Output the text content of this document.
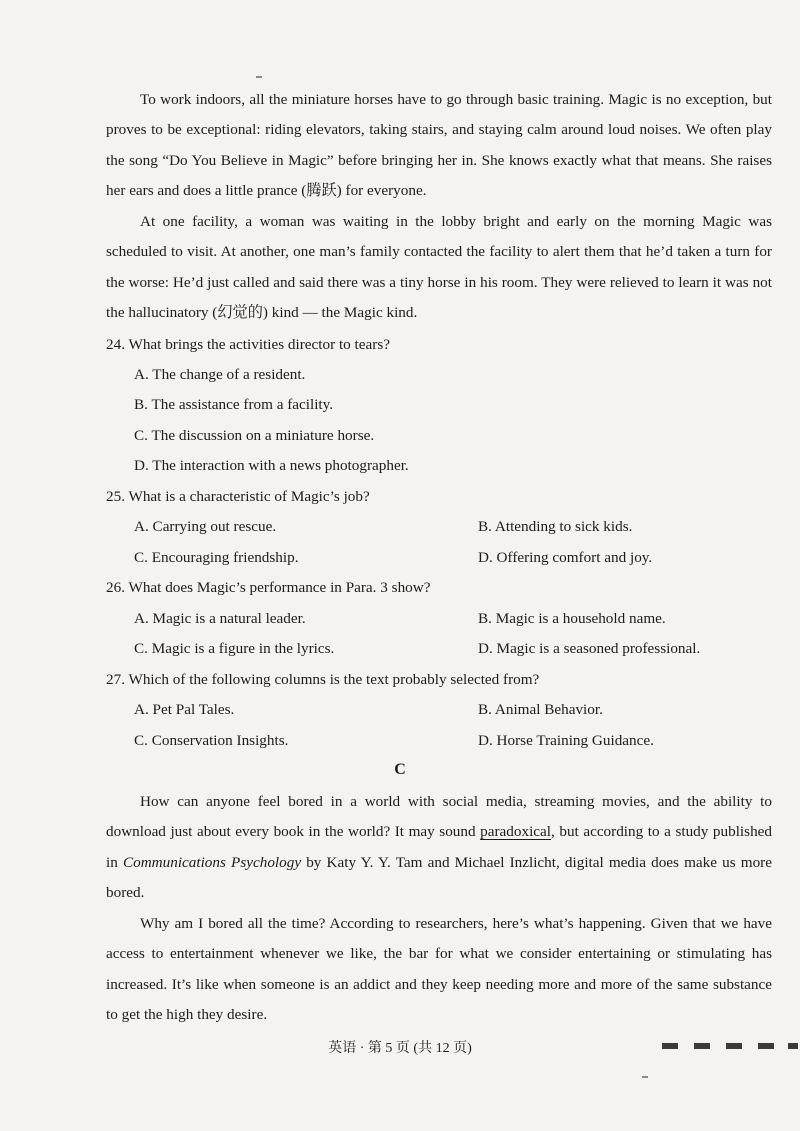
To work indoors, all the miniature horses have to go through basic training. Magic is no exception, but proves to be exceptional: riding elevators, taking stairs, and staying calm around loud noises. We often play the song “Do You Believe in Magic” before bringing her in. She knows exactly what that means. She raises her ears and does a little prance (腾跃) for everyone.

At one facility, a woman was waiting in the lobby bright and early on the morning Magic was scheduled to visit. At another, one man’s family contacted the facility to alert them that he’d taken a turn for the worse: He’d just called and said there was a tiny horse in his room. They were relieved to learn it was not the hallucinatory (幻觉的) kind — the Magic kind.

24. What brings the activities director to tears?

A. The change of a resident.

B. The assistance from a facility.

C. The discussion on a miniature horse.

D. The interaction with a news photographer.

25. What is a characteristic of Magic’s job?

A. Carrying out rescue.	B. Attending to sick kids.

C. Encouraging friendship.	D. Offering comfort and joy.

26. What does Magic’s performance in Para. 3 show?

A. Magic is a natural leader.	B. Magic is a household name.

C. Magic is a figure in the lyrics.	D. Magic is a seasoned professional.

27. Which of the following columns is the text probably selected from?

A. Pet Pal Tales.	B. Animal Behavior.

C. Conservation Insights.	D. Horse Training Guidance.

C

How can anyone feel bored in a world with social media, streaming movies, and the ability to download just about every book in the world? It may sound paradoxical, but according to a study published in Communications Psychology by Katy Y. Y. Tam and Michael Inzlicht, digital media does make us more bored.

Why am I bored all the time? According to researchers, here’s what’s happening. Given that we have access to entertainment whenever we like, the bar for what we consider entertaining or stimulating has increased. It’s like when someone is an addict and they keep needing more and more of the same substance to get the high they desire.

英语 · 第 5 页 (共 12 页)
